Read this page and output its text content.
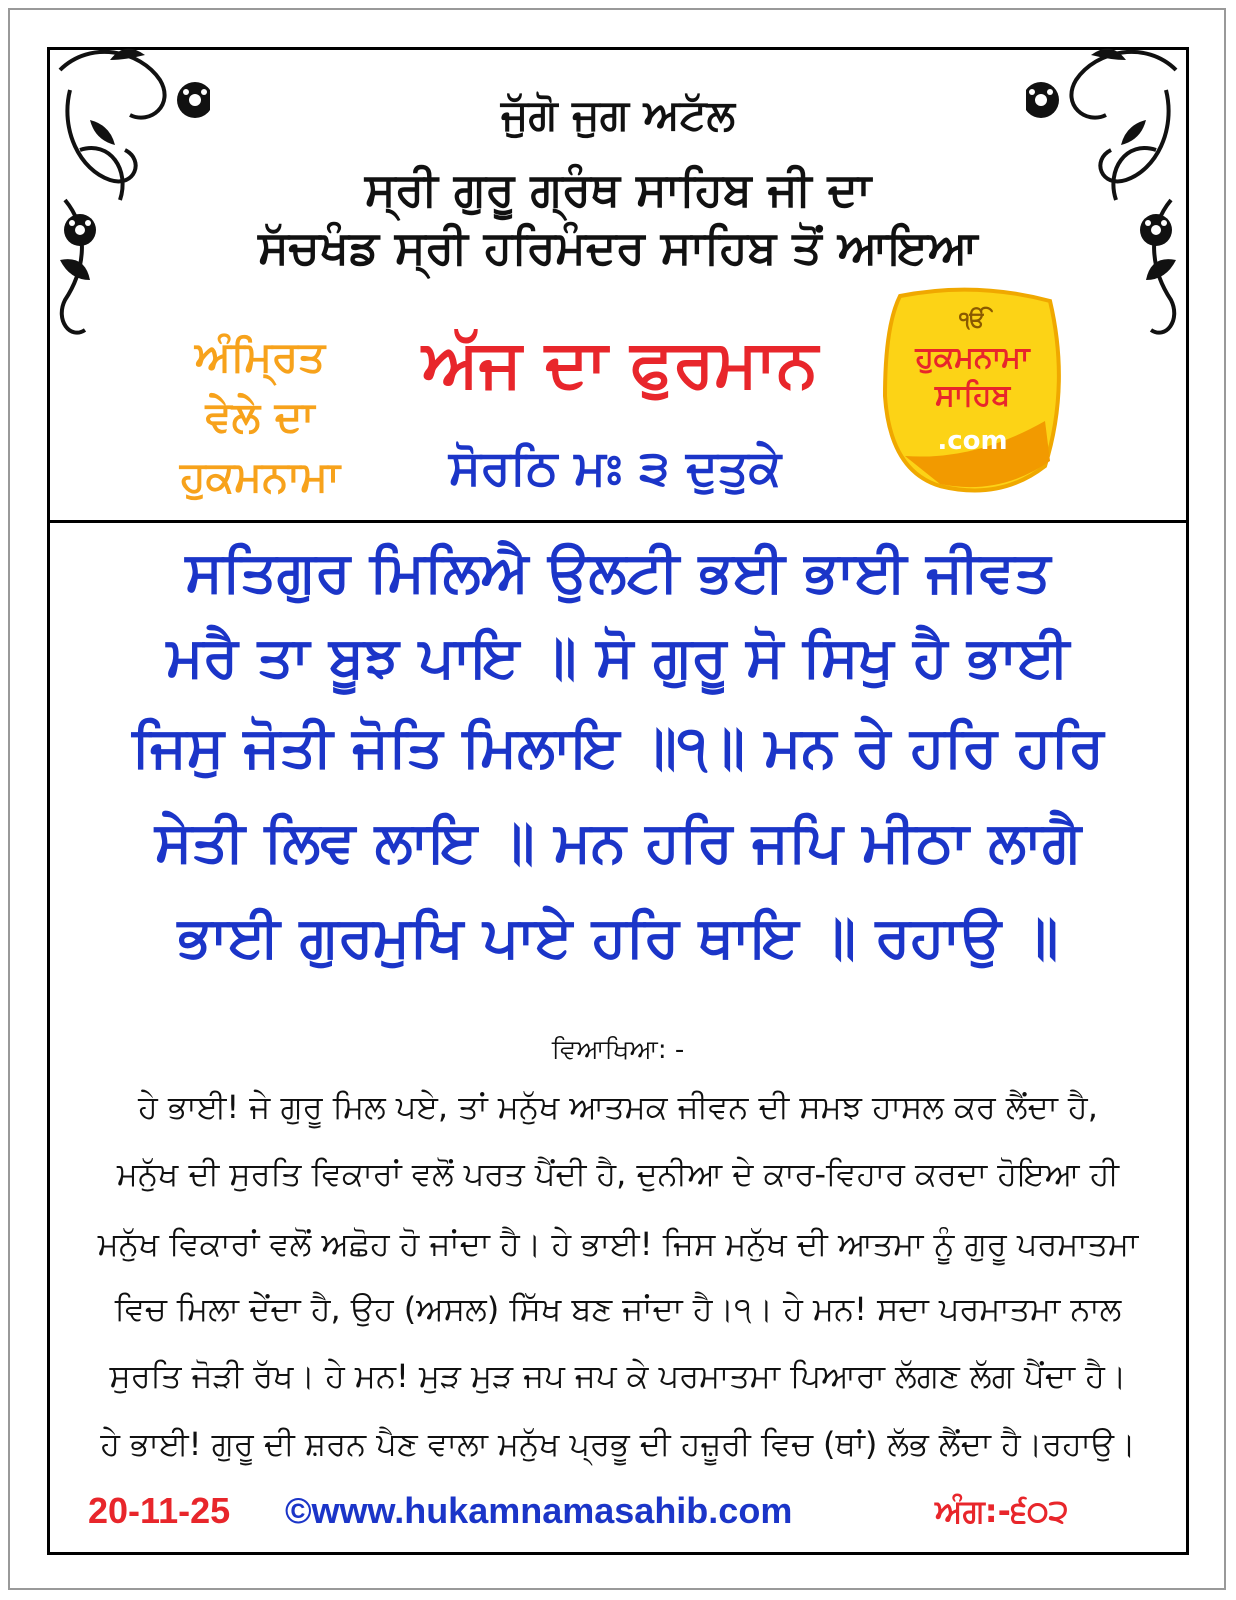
ਜੁੱਗੋ ਜੁਗ ਅਟੱਲ
ਸ੍ਰੀ ਗੁਰੂ ਗ੍ਰੰਥ ਸਾਹਿਬ ਜੀ ਦਾ
ਸੱਚਖੰਡ ਸ੍ਰੀ ਹਰਿਮੰਦਰ ਸਾਹਿਬ ਤੋਂ ਆਇਆ
ਅੰਮ੍ਰਿਤ
ਵੇਲੇ ਦਾ
ਹੁਕਮਨਾਮਾ
ਅੱਜ ਦਾ ਫੁਰਮਾਨ
ਸੋਰਠਿ ਮਃ ੩ ਦੁਤੁਕੇ
ੴ
ਹੁਕਮਨਾਮਾ
ਸਾਹਿਬ
.com
ਸਤਿਗੁਰ ਮਿਲਿਐ ਉਲਟੀ ਭਈ ਭਾਈ ਜੀਵਤ
ਮਰੈ ਤਾ ਬੂਝ ਪਾਇ ॥ ਸੋ ਗੁਰੂ ਸੋ ਸਿਖੁ ਹੈ ਭਾਈ
ਜਿਸੁ ਜੋਤੀ ਜੋਤਿ ਮਿਲਾਇ ॥੧॥ ਮਨ ਰੇ ਹਰਿ ਹਰਿ
ਸੇਤੀ ਲਿਵ ਲਾਇ ॥ ਮਨ ਹਰਿ ਜਪਿ ਮੀਠਾ ਲਾਗੈ
ਭਾਈ ਗੁਰਮੁਖਿ ਪਾਏ ਹਰਿ ਥਾਇ ॥ ਰਹਾਉ ॥
ਵਿਆਖਿਆ: -
ਹੇ ਭਾਈ! ਜੇ ਗੁਰੂ ਮਿਲ ਪਏ, ਤਾਂ ਮਨੁੱਖ ਆਤਮਕ ਜੀਵਨ ਦੀ ਸਮਝ ਹਾਸਲ ਕਰ ਲੈਂਦਾ ਹੈ,
ਮਨੁੱਖ ਦੀ ਸੁਰਤਿ ਵਿਕਾਰਾਂ ਵਲੋਂ ਪਰਤ ਪੈਂਦੀ ਹੈ, ਦੁਨੀਆ ਦੇ ਕਾਰ-ਵਿਹਾਰ ਕਰਦਾ ਹੋਇਆ ਹੀ
ਮਨੁੱਖ ਵਿਕਾਰਾਂ ਵਲੋਂ ਅਛੋਹ ਹੋ ਜਾਂਦਾ ਹੈ। ਹੇ ਭਾਈ! ਜਿਸ ਮਨੁੱਖ ਦੀ ਆਤਮਾ ਨੂੰ ਗੁਰੂ ਪਰਮਾਤਮਾ
ਵਿਚ ਮਿਲਾ ਦੇਂਦਾ ਹੈ, ਉਹ (ਅਸਲ) ਸਿੱਖ ਬਣ ਜਾਂਦਾ ਹੈ।੧। ਹੇ ਮਨ! ਸਦਾ ਪਰਮਾਤਮਾ ਨਾਲ
ਸੁਰਤਿ ਜੋੜੀ ਰੱਖ। ਹੇ ਮਨ! ਮੁੜ ਮੁੜ ਜਪ ਜਪ ਕੇ ਪਰਮਾਤਮਾ ਪਿਆਰਾ ਲੱਗਣ ਲੱਗ ਪੈਂਦਾ ਹੈ।
ਹੇ ਭਾਈ! ਗੁਰੂ ਦੀ ਸ਼ਰਨ ਪੈਣ ਵਾਲਾ ਮਨੁੱਖ ਪ੍ਰਭੂ ਦੀ ਹਜ਼ੂਰੀ ਵਿਚ (ਥਾਂ) ਲੱਭ ਲੈਂਦਾ ਹੈ।ਰਹਾਉ।
20-11-25 ©www.hukamnamasahib.com	ਅੰਗ:-੬੦੨
